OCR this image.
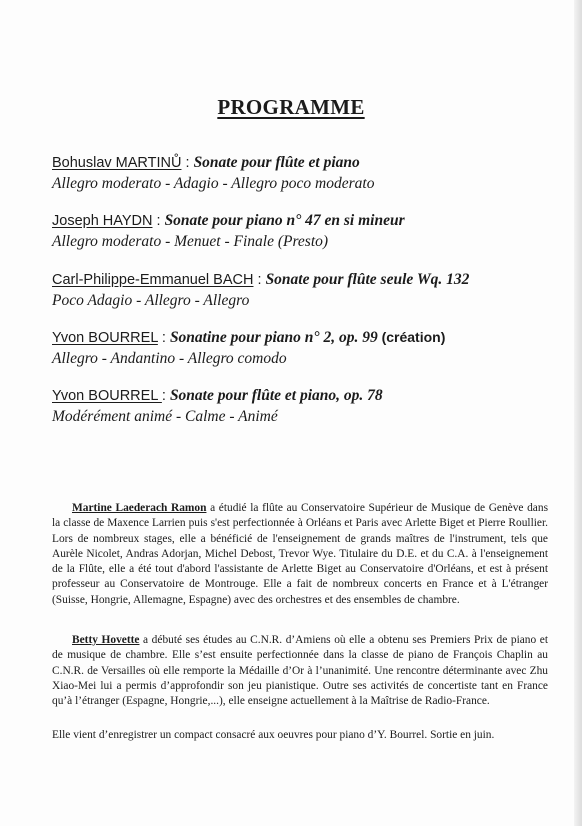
PROGRAMME
Bohuslav MARTINŮ : Sonate pour flûte et piano
Allegro moderato - Adagio - Allegro poco moderato
Joseph HAYDN : Sonate pour piano n° 47 en si mineur
Allegro moderato - Menuet - Finale (Presto)
Carl-Philippe-Emmanuel BACH : Sonate pour flûte seule Wq. 132
Poco Adagio - Allegro - Allegro
Yvon BOURREL : Sonatine pour piano n° 2, op. 99 (création)
Allegro - Andantino - Allegro comodo
Yvon BOURREL : Sonate pour flûte et piano, op. 78
Modérément animé - Calme - Animé
Martine Laederach Ramon a étudié la flûte au Conservatoire Supérieur de Musique de Genève dans la classe de Maxence Larrien puis s'est perfectionnée à Orléans et Paris avec Arlette Biget et Pierre Roullier. Lors de nombreux stages, elle a bénéficié de l'enseignement de grands maîtres de l'instrument, tels que Aurèle Nicolet, Andras Adorjan, Michel Debost, Trevor Wye. Titulaire du D.E. et du C.A. à l'enseignement de la Flûte, elle a été tout d'abord l'assistante de Arlette Biget au Conservatoire d'Orléans, et est à présent professeur au Conservatoire de Montrouge. Elle a fait de nombreux concerts en France et à L'étranger (Suisse, Hongrie, Allemagne, Espagne) avec des orchestres et des ensembles de chambre.
Betty Hovette a débuté ses études au C.N.R. d’Amiens où elle a obtenu ses Premiers Prix de piano et de musique de chambre. Elle s’est ensuite perfectionnée dans la classe de piano de François Chaplin au C.N.R. de Versailles où elle remporte la Médaille d’Or à l’unanimité. Une rencontre déterminante avec Zhu Xiao-Mei lui a permis d’approfondir son jeu pianistique. Outre ses activités de concertiste tant en France qu’à l’étranger (Espagne, Hongrie,...), elle enseigne actuellement à la Maîtrise de Radio-France.
Elle vient d’enregistrer un compact consacré aux oeuvres pour piano d’Y. Bourrel. Sortie en juin.
